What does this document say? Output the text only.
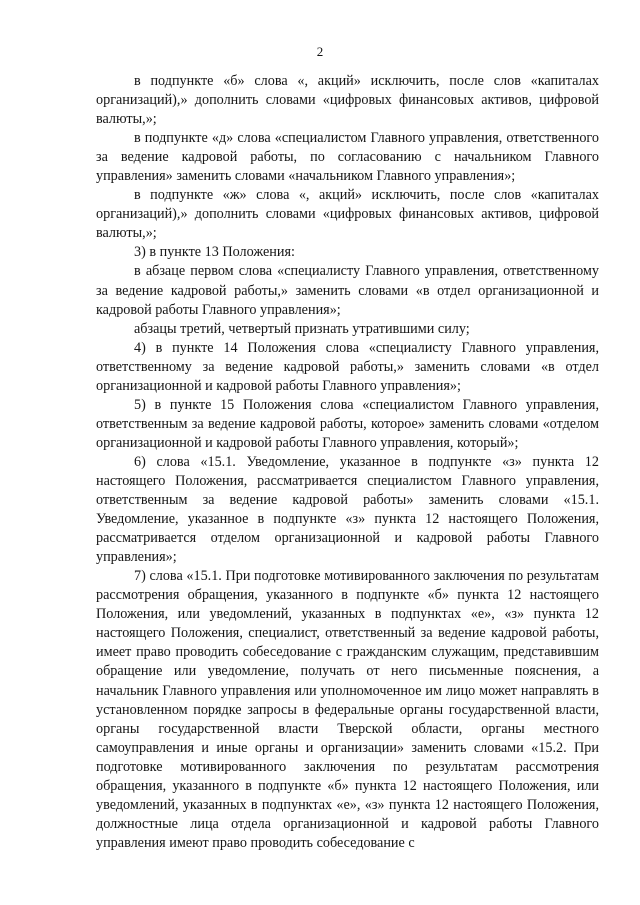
2

в подпункте «б» слова «, акций» исключить, после слов «капиталах организаций),» дополнить словами «цифровых финансовых активов, цифровой валюты,»;

в подпункте «д» слова «специалистом Главного управления, ответственного за ведение кадровой работы, по согласованию с начальником Главного управления» заменить словами «начальником Главного управления»;

в подпункте «ж» слова «, акций» исключить, после слов «капиталах организаций),» дополнить словами «цифровых финансовых активов, цифровой валюты,»;

3) в пункте 13 Положения:

в абзаце первом слова «специалисту Главного управления, ответственному за ведение кадровой работы,» заменить словами «в отдел организационной и кадровой работы Главного управления»;

абзацы третий, четвертый признать утратившими силу;

4) в пункте 14 Положения слова «специалисту Главного управления, ответственному за ведение кадровой работы,» заменить словами «в отдел организационной и кадровой работы Главного управления»;

5) в пункте 15 Положения слова «специалистом Главного управления, ответственным за ведение кадровой работы, которое» заменить словами «отделом организационной и кадровой работы Главного управления, который»;

6) слова «15.1. Уведомление, указанное в подпункте «з» пункта 12 настоящего Положения, рассматривается специалистом Главного управления, ответственным за ведение кадровой работы» заменить словами «15.1. Уведомление, указанное в подпункте «з» пункта 12 настоящего Положения, рассматривается отделом организационной и кадровой работы Главного управления»;

7) слова «15.1. При подготовке мотивированного заключения по результатам рассмотрения обращения, указанного в подпункте «б» пункта 12 настоящего Положения, или уведомлений, указанных в подпунктах «е», «з» пункта 12 настоящего Положения, специалист, ответственный за ведение кадровой работы, имеет право проводить собеседование с гражданским служащим, представившим обращение или уведомление, получать от него письменные пояснения, а начальник Главного управления или уполномоченное им лицо может направлять в установленном порядке запросы в федеральные органы государственной власти, органы государственной власти Тверской области, органы местного самоуправления и иные органы и организации» заменить словами «15.2. При подготовке мотивированного заключения по результатам рассмотрения обращения, указанного в подпункте «б» пункта 12 настоящего Положения, или уведомлений, указанных в подпунктах «е», «з» пункта 12 настоящего Положения, должностные лица отдела организационной и кадровой работы Главного управления имеют право проводить собеседование с
